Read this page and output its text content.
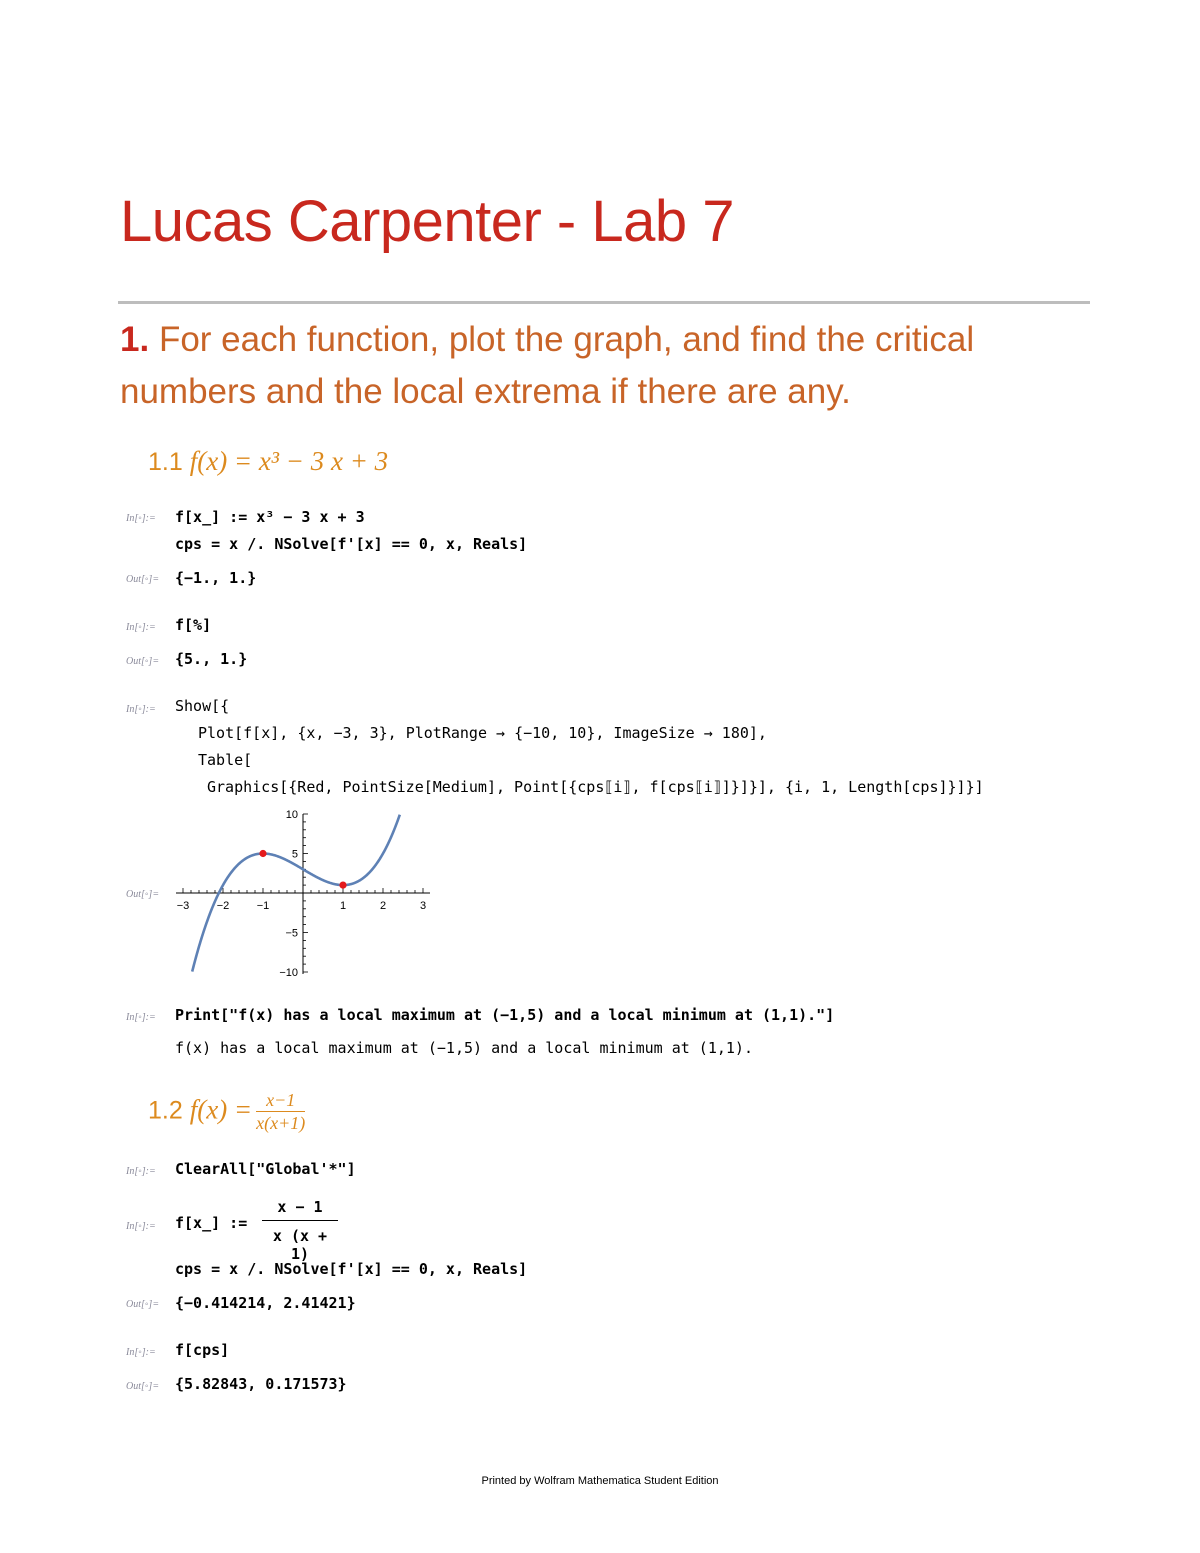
Lucas Carpenter - Lab 7
1. For each function, plot the graph, and find the critical numbers and the local extrema if there are any.
1.1 f(x) = x³ − 3 x + 3
In[◦]:= f[x_] := x³ − 3 x + 3
cps = x /. NSolve[f'[x] == 0, x, Reals]
Out[◦]= {−1., 1.}
In[◦]:= f[%]
Out[◦]= {5., 1.}
In[◦]:= Show[{
Plot[f[x], {x, −3, 3}, PlotRange → {−10, 10}, ImageSize → 180],
Table[
Graphics[{Red, PointSize[Medium], Point[{cps⟦i⟧, f[cps⟦i⟧]}]}], {i, 1, Length[cps]}]}]
Out[◦]=
−3 −2 −1	1	2	3
10
5
−5
−10
In[◦]:= Print["f(x) has a local maximum at (−1,5) and a local minimum at (1,1)."]
f(x) has a local maximum at (−1,5) and a local minimum at (1,1).
1.2 $f(x) = \frac{x-1}{x(x+1)}$
In[◦]:= ClearAll["Global'*"]
In[◦]:= f[x_] := $\frac{x - 1}{x (x + 1)}$
cps = x /. NSolve[f'[x] == 0, x, Reals]
Out[◦]= {−0.414214, 2.41421}
In[◦]:= f[cps]
Out[◦]= {5.82843, 0.171573}
Printed by Wolfram Mathematica Student Edition
